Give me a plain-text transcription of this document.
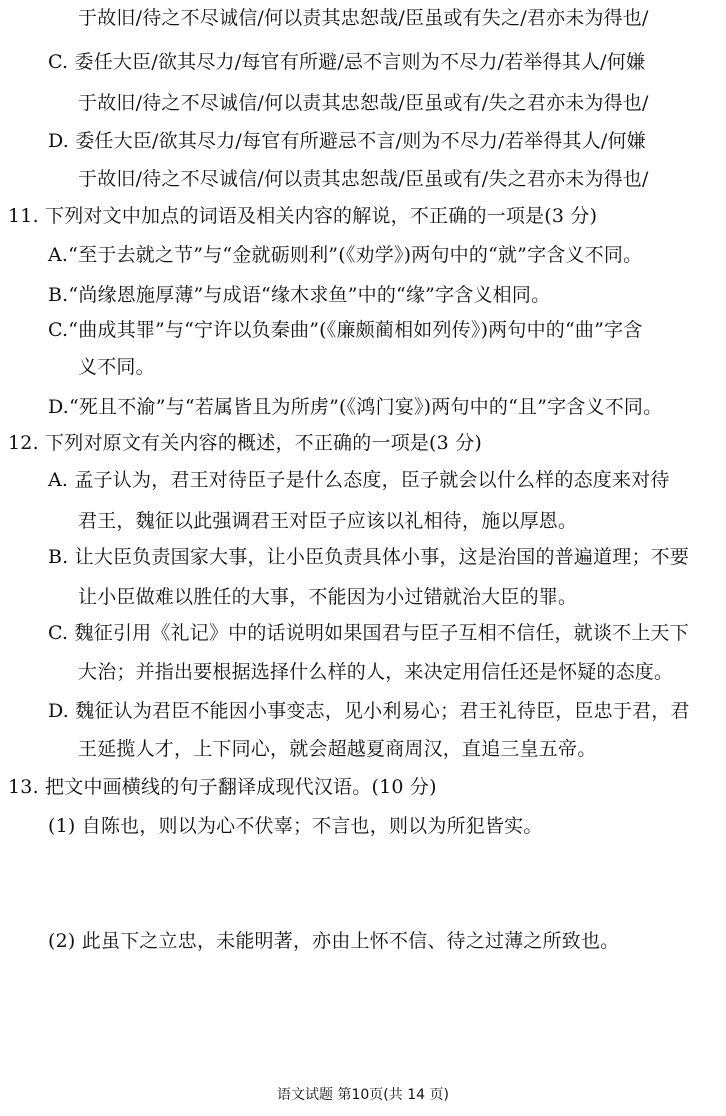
于故旧/待之不尽诚信/何以责其忠恕哉/臣虽或有失之/君亦未为得也/
C. 委任大臣/欲其尽力/每官有所避/忌不言则为不尽力/若举得其人/何嫌
于故旧/待之不尽诚信/何以责其忠恕哉/臣虽或有/失之君亦未为得也/
D. 委任大臣/欲其尽力/每官有所避忌不言/则为不尽力/若举得其人/何嫌
于故旧/待之不尽诚信/何以责其忠恕哉/臣虽或有/失之君亦未为得也/
11. 下列对文中加点的词语及相关内容的解说，不正确的一项是(3 分)
A.“至于去就之节”与“金就砺则利”(《劝学》)两句中的“就”字含义不同。
B.“尚缘恩施厚薄”与成语“缘木求鱼”中的“缘”字含义相同。
C.“曲成其罪”与“宁许以负秦曲”(《廉颇蔺相如列传》)两句中的“曲”字含
义不同。
D.“死且不渝”与“若属皆且为所虏”(《鸿门宴》)两句中的“且”字含义不同。
12. 下列对原文有关内容的概述，不正确的一项是(3 分)
A. 孟子认为，君王对待臣子是什么态度，臣子就会以什么样的态度来对待
君王，魏征以此强调君王对臣子应该以礼相待，施以厚恩。
B. 让大臣负责国家大事，让小臣负责具体小事，这是治国的普遍道理；不要
让小臣做难以胜任的大事，不能因为小过错就治大臣的罪。
C. 魏征引用《礼记》中的话说明如果国君与臣子互相不信任，就谈不上天下
大治；并指出要根据选择什么样的人，来决定用信任还是怀疑的态度。
D. 魏征认为君臣不能因小事变志，见小利易心；君王礼待臣，臣忠于君，君
王延揽人才，上下同心，就会超越夏商周汉，直追三皇五帝。
13. 把文中画横线的句子翻译成现代汉语。(10 分)
(1) 自陈也，则以为心不伏辜；不言也，则以为所犯皆实。
(2) 此虽下之立忠，未能明著，亦由上怀不信、待之过薄之所致也。
语文试题 第10页(共 14 页)
